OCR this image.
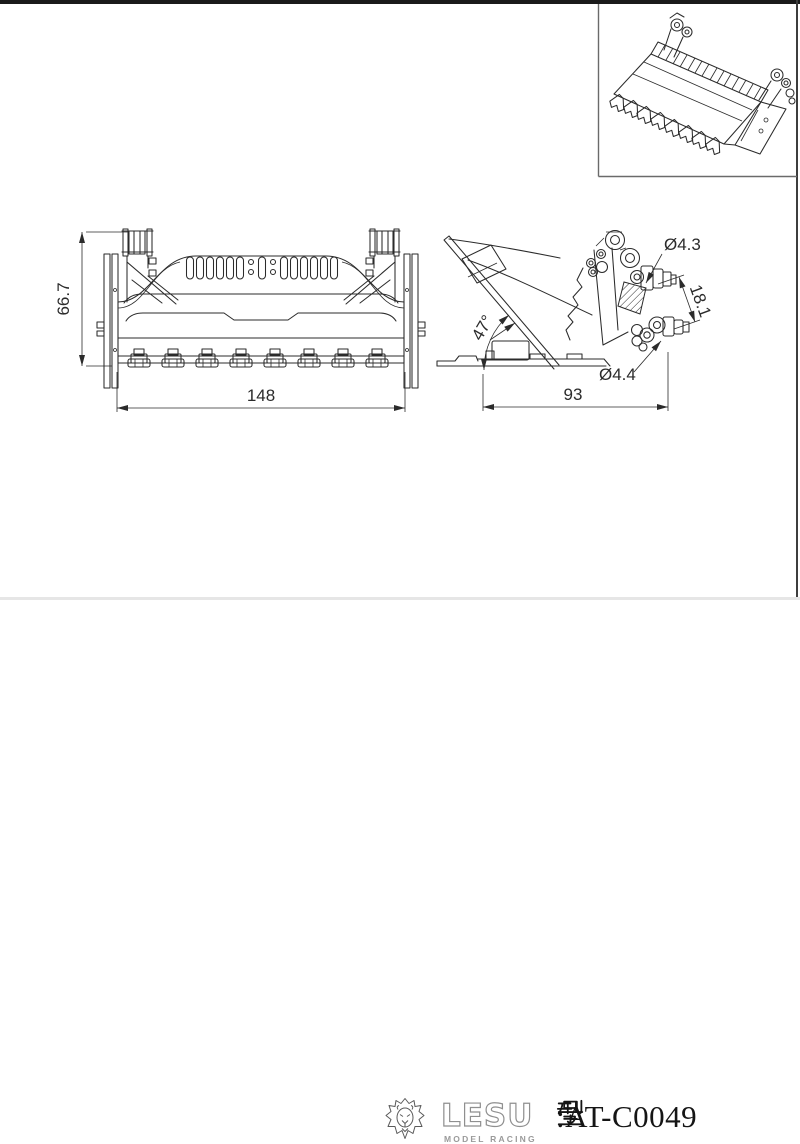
66.7
148
47°
Ø4.3
18.1
Ø4.4
93
LESU
MODEL RACING
:AT-C0049
